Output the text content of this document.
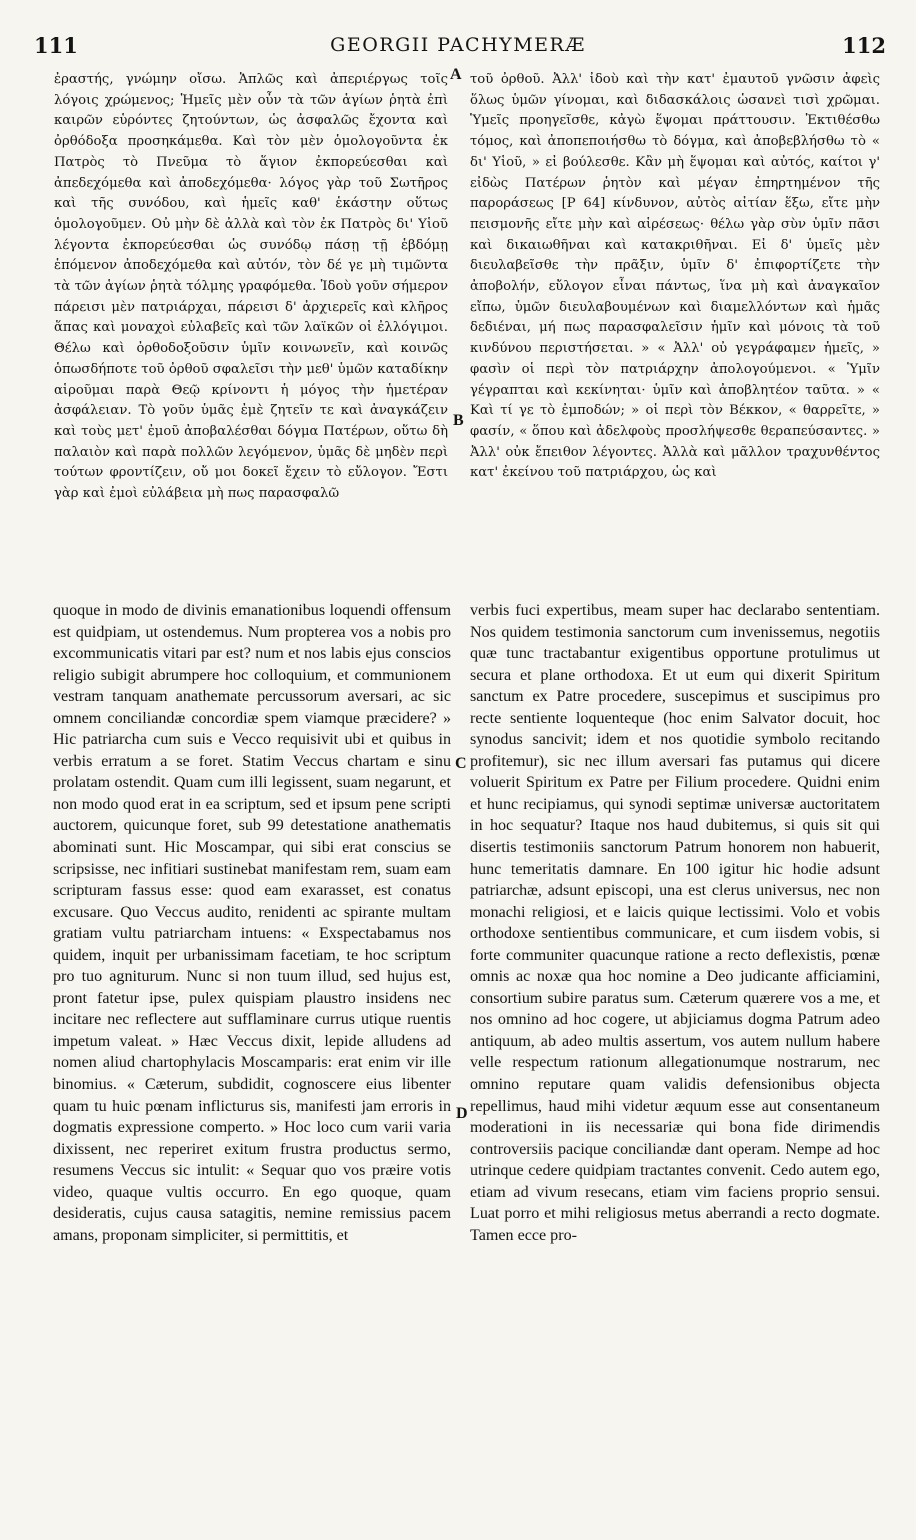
111	GEORGII PACHYMERÆ	112

ἐραστής, γνώμην οἴσω. Ἁπλῶς καὶ ἀπεριέργως τοῖς λόγοις χρώμενος; Ἡμεῖς μὲν οὖν τὰ τῶν ἁγίων ῥητὰ ἐπὶ καιρῶν εὑρόντες ζητούντων, ὡς ἀσφαλῶς ἔχοντα καὶ ὀρθόδοξα προσηκάμεθα. Καὶ τὸν μὲν ὁμολογοῦντα ἐκ Πατρὸς τὸ Πνεῦμα τὸ ἅγιον ἐκπορεύεσθαι καὶ ἀπεδεχόμεθα καὶ ἀποδεχόμεθα· λόγος γὰρ τοῦ Σωτῆρος καὶ τῆς συνόδου, καὶ ἡμεῖς καθ' ἑκάστην οὕτως ὁμολογοῦμεν. Οὐ μὴν δὲ ἀλλὰ καὶ τὸν ἐκ Πατρὸς δι' Υἱοῦ λέγοντα ἐκπορεύεσθαι ὡς συνόδῳ πάσῃ τῇ ἑβδόμῃ ἑπόμενον ἀποδεχόμεθα καὶ αὐτόν, τὸν δέ γε μὴ τιμῶντα τὰ τῶν ἁγίων ῥητὰ τόλμης γραφόμεθα. Ἰδοὺ γοῦν σήμερον πάρεισι μὲν πατριάρχαι, πάρεισι δ' ἀρχιερεῖς καὶ κλῆρος ἅπας καὶ μοναχοὶ εὐλαβεῖς καὶ τῶν λαϊκῶν οἱ ἐλλόγιμοι. Θέλω καὶ ὀρθοδοξοῦσιν ὑμῖν κοινωνεῖν, καὶ κοινῶς ὁπωσδήποτε τοῦ ὀρθοῦ σφαλεῖσι τὴν μεθ' ὑμῶν καταδίκην αἱροῦμαι παρὰ Θεῷ κρίνοντι ἡ μόγος τὴν ἡμετέραν ἀσφάλειαν. Τὸ γοῦν ὑμᾶς ἐμὲ ζητεῖν τε καὶ ἀναγκάζειν καὶ τοὺς μετ' ἐμοῦ ἀποβαλέσθαι δόγμα Πατέρων, οὕτω δὴ παλαιὸν καὶ παρὰ πολλῶν λεγόμενον, ὑμᾶς δὲ μηδὲν περὶ τούτων φροντίζειν, οὔ μοι δοκεῖ ἔχειν τὸ εὔλογον. Ἔστι γὰρ καὶ ἐμοὶ εὐλάβεια μὴ πως παρασφαλῶ

τοῦ ὀρθοῦ. Ἀλλ' ἰδοὺ καὶ τὴν κατ' ἐμαυτοῦ γνῶσιν ἀφεὶς ὅλως ὑμῶν γίνομαι, καὶ διδασκάλοις ὡσανεὶ τισὶ χρῶμαι. Ὑμεῖς προηγεῖσθε, κἀγὼ ἕψομαι πράττουσιν. Ἐκτιθέσθω τόμος, καὶ ἀποπεποιήσθω τὸ δόγμα, καὶ ἀποβεβλήσθω τὸ « δι' Υἱοῦ, » εἰ βούλεσθε. Κἂν μὴ ἕψομαι καὶ αὐτός, καίτοι γ' εἰδὼς Πατέρων ῥητὸν καὶ μέγαν ἐπηρτημένον τῆς παροράσεως [P 64] κίνδυνον, αὐτὸς αἰτίαν ἕξω, εἴτε μὴν πεισμονῆς εἴτε μὴν καὶ αἱρέσεως· θέλω γὰρ σὺν ὑμῖν πᾶσι καὶ δικαιωθῆναι καὶ κατακριθῆναι. Εἰ δ' ὑμεῖς μὲν διευλαβεῖσθε τὴν πρᾶξιν, ὑμῖν δ' ἐπιφορτίζετε τὴν ἀποβολήν, εὔλογον εἶναι πάντως, ἵνα μὴ καὶ ἀναγκαῖον εἴπω, ὑμῶν διευλαβουμένων καὶ διαμελλόντων καὶ ἡμᾶς δεδιέναι, μή πως παρασφαλεῖσιν ἡμῖν καὶ μόνοις τὰ τοῦ κινδύνου περιστήσεται. » « Ἀλλ' οὐ γεγράφαμεν ἡμεῖς, » φασὶν οἱ περὶ τὸν πατριάρχην ἀπολογούμενοι. « Ὑμῖν γέγραπται καὶ κεκίνηται· ὑμῖν καὶ ἀποβλητέον ταῦτα. » « Καὶ τί γε τὸ ἐμποδών; » οἱ περὶ τὸν Βέκκον, « θαρρεῖτε, » φασίν, « ὅπου καὶ ἀδελφοὺς προσλήψεσθε θεραπεύσαντες. » Ἀλλ' οὐκ ἔπειθον λέγοντες. Ἀλλὰ καὶ μᾶλλον τραχυνθέντος κατ' ἐκείνου τοῦ πατριάρχου, ὡς καὶ

A
B
C
D

quoque in modo de divinis emanationibus loquendi offensum est quidpiam, ut ostendemus. Num propterea vos a nobis pro excommunicatis vitari par est? num et nos labis ejus conscios religio subigit abrumpere hoc colloquium, et communionem vestram tanquam anathemate percussorum aversari, ac sic omnem conciliandæ concordiæ spem viamque præcidere? » Hic patriarcha cum suis e Vecco requisivit ubi et quibus in verbis erratum a se foret. Statim Veccus chartam e sinu prolatam ostendit. Quam cum illi legissent, suam negarunt, et non modo quod erat in ea scriptum, sed et ipsum pene scripti auctorem, quicunque foret, sub 99 detestatione anathematis abominati sunt. Hic Moscampar, qui sibi erat conscius se scripsisse, nec infitiari sustinebat manifestam rem, suam eam scripturam fassus esse: quod eam exarasset, est conatus excusare. Quo Veccus audito, renidenti ac spirante multam gratiam vultu patriarcham intuens: « Exspectabamus nos quidem, inquit per urbanissimam facetiam, te hoc scriptum pro tuo agniturum. Nunc si non tuum illud, sed hujus est, pront fatetur ipse, pulex quispiam plaustro insidens nec incitare nec reflectere aut sufflaminare currus utique ruentis impetum valeat. » Hæc Veccus dixit, lepide alludens ad nomen aliud chartophylacis Moscamparis: erat enim vir ille binomius. « Cæterum, subdidit, cognoscere eius libenter quam tu huic pœnam inflicturus sis, manifesti jam erroris in dogmatis expressione comperto. » Hoc loco cum varii varia dixissent, nec reperiret exitum frustra productus sermo, resumens Veccus sic intulit: « Sequar quo vos præire votis video, quaque vultis occurro. En ego quoque, quam desideratis, cujus causa satagitis, nemine remissius pacem amans, proponam simpliciter, si permittitis, et

verbis fuci expertibus, meam super hac declarabo sententiam. Nos quidem testimonia sanctorum cum invenissemus, negotiis quæ tunc tractabantur exigentibus opportune protulimus ut secura et plane orthodoxa. Et ut eum qui dixerit Spiritum sanctum ex Patre procedere, suscepimus et suscipimus pro recte sentiente loquenteque (hoc enim Salvator docuit, hoc synodus sancivit; idem et nos quotidie symbolo recitando profitemur), sic nec illum aversari fas putamus qui dicere voluerit Spiritum ex Patre per Filium procedere. Quidni enim et hunc recipiamus, qui synodi septimæ universæ auctoritatem in hoc sequatur? Itaque nos haud dubitemus, si quis sit qui disertis testimoniis sanctorum Patrum honorem non habuerit, hunc temeritatis damnare. En 100 igitur hic hodie adsunt patriarchæ, adsunt episcopi, una est clerus universus, nec non monachi religiosi, et e laicis quique lectissimi. Volo et vobis orthodoxe sentientibus communicare, et cum iisdem vobis, si forte communiter quacunque ratione a recto deflexistis, pœnæ omnis ac noxæ qua hoc nomine a Deo judicante afficiamini, consortium subire paratus sum. Cæterum quærere vos a me, et nos omnino ad hoc cogere, ut abjiciamus dogma Patrum adeo antiquum, ab adeo multis assertum, vos autem nullum habere velle respectum rationum allegationumque nostrarum, nec omnino reputare quam validis defensionibus objecta repellimus, haud mihi videtur æquum esse aut consentaneum moderationi in iis necessariæ qui bona fide dirimendis controversiis pacique conciliandæ dant operam. Nempe ad hoc utrinque cedere quidpiam tractantes convenit. Cedo autem ego, etiam ad vivum resecans, etiam vim faciens proprio sensui. Luat porro et mihi religiosus metus aberrandi a recto dogmate. Tamen ecce pro-
